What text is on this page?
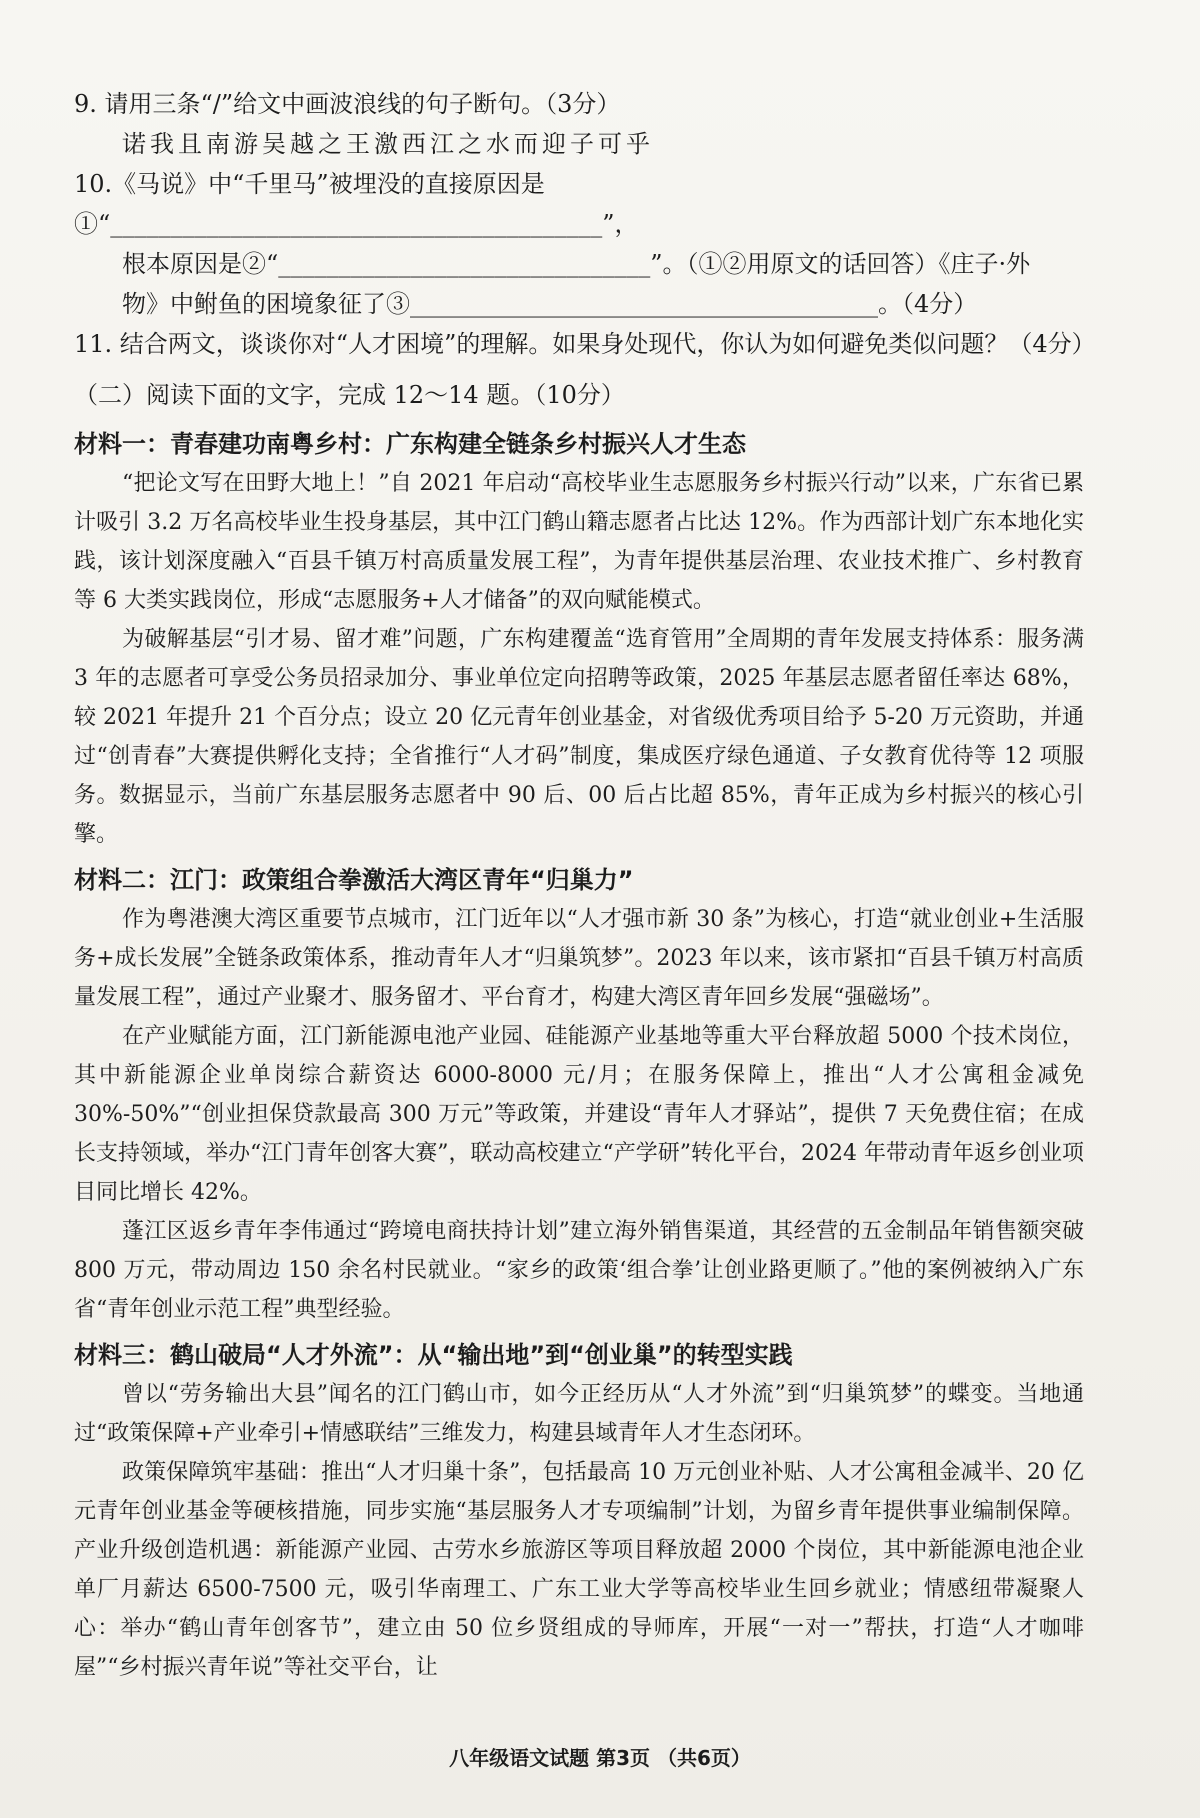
9. 请用三条“/”给文中画波浪线的句子断句。（3分）

诺我且南游吴越之王激西江之水而迎子可乎

10.《马说》中“千里马”被埋没的直接原因是①“_________________________________________”，

根本原因是②“_______________________________”。（①②用原文的话回答）《庄子·外

物》中鲋鱼的困境象征了③_______________________________________。（4分）

11. 结合两文，谈谈你对“人才困境”的理解。如果身处现代，你认为如何避免类似问题？（4分）

（二）阅读下面的文字，完成 12～14 题。（10分）

材料一：青春建功南粤乡村：广东构建全链条乡村振兴人才生态

“把论文写在田野大地上！”自 2021 年启动“高校毕业生志愿服务乡村振兴行动”以来，广东省已累计吸引 3.2 万名高校毕业生投身基层，其中江门鹤山籍志愿者占比达 12%。作为西部计划广东本地化实践，该计划深度融入“百县千镇万村高质量发展工程”，为青年提供基层治理、农业技术推广、乡村教育等 6 大类实践岗位，形成“志愿服务+人才储备”的双向赋能模式。

为破解基层“引才易、留才难”问题，广东构建覆盖“选育管用”全周期的青年发展支持体系：服务满 3 年的志愿者可享受公务员招录加分、事业单位定向招聘等政策，2025 年基层志愿者留任率达 68%，较 2021 年提升 21 个百分点；设立 20 亿元青年创业基金，对省级优秀项目给予 5-20 万元资助，并通过“创青春”大赛提供孵化支持；全省推行“人才码”制度，集成医疗绿色通道、子女教育优待等 12 项服务。数据显示，当前广东基层服务志愿者中 90 后、00 后占比超 85%，青年正成为乡村振兴的核心引擎。

材料二：江门：政策组合拳激活大湾区青年“归巢力”

作为粤港澳大湾区重要节点城市，江门近年以“人才强市新 30 条”为核心，打造“就业创业+生活服务+成长发展”全链条政策体系，推动青年人才“归巢筑梦”。2023 年以来，该市紧扣“百县千镇万村高质量发展工程”，通过产业聚才、服务留才、平台育才，构建大湾区青年回乡发展“强磁场”。

在产业赋能方面，江门新能源电池产业园、硅能源产业基地等重大平台释放超 5000 个技术岗位，其中新能源企业单岗综合薪资达 6000-8000 元/月；在服务保障上，推出“人才公寓租金减免 30%-50%”“创业担保贷款最高 300 万元”等政策，并建设“青年人才驿站”，提供 7 天免费住宿；在成长支持领域，举办“江门青年创客大赛”，联动高校建立“产学研”转化平台，2024 年带动青年返乡创业项目同比增长 42%。

蓬江区返乡青年李伟通过“跨境电商扶持计划”建立海外销售渠道，其经营的五金制品年销售额突破 800 万元，带动周边 150 余名村民就业。“家乡的政策‘组合拳’让创业路更顺了。”他的案例被纳入广东省“青年创业示范工程”典型经验。

材料三：鹤山破局“人才外流”：从“输出地”到“创业巢”的转型实践

曾以“劳务输出大县”闻名的江门鹤山市，如今正经历从“人才外流”到“归巢筑梦”的蝶变。当地通过“政策保障+产业牵引+情感联结”三维发力，构建县域青年人才生态闭环。

政策保障筑牢基础：推出“人才归巢十条”，包括最高 10 万元创业补贴、人才公寓租金减半、20 亿元青年创业基金等硬核措施，同步实施“基层服务人才专项编制”计划，为留乡青年提供事业编制保障。产业升级创造机遇：新能源产业园、古劳水乡旅游区等项目释放超 2000 个岗位，其中新能源电池企业单厂月薪达 6500-7500 元，吸引华南理工、广东工业大学等高校毕业生回乡就业；情感纽带凝聚人心：举办“鹤山青年创客节”，建立由 50 位乡贤组成的导师库，开展“一对一”帮扶，打造“人才咖啡屋”“乡村振兴青年说”等社交平台，让

八年级语文试题 第3页 （共6页）
